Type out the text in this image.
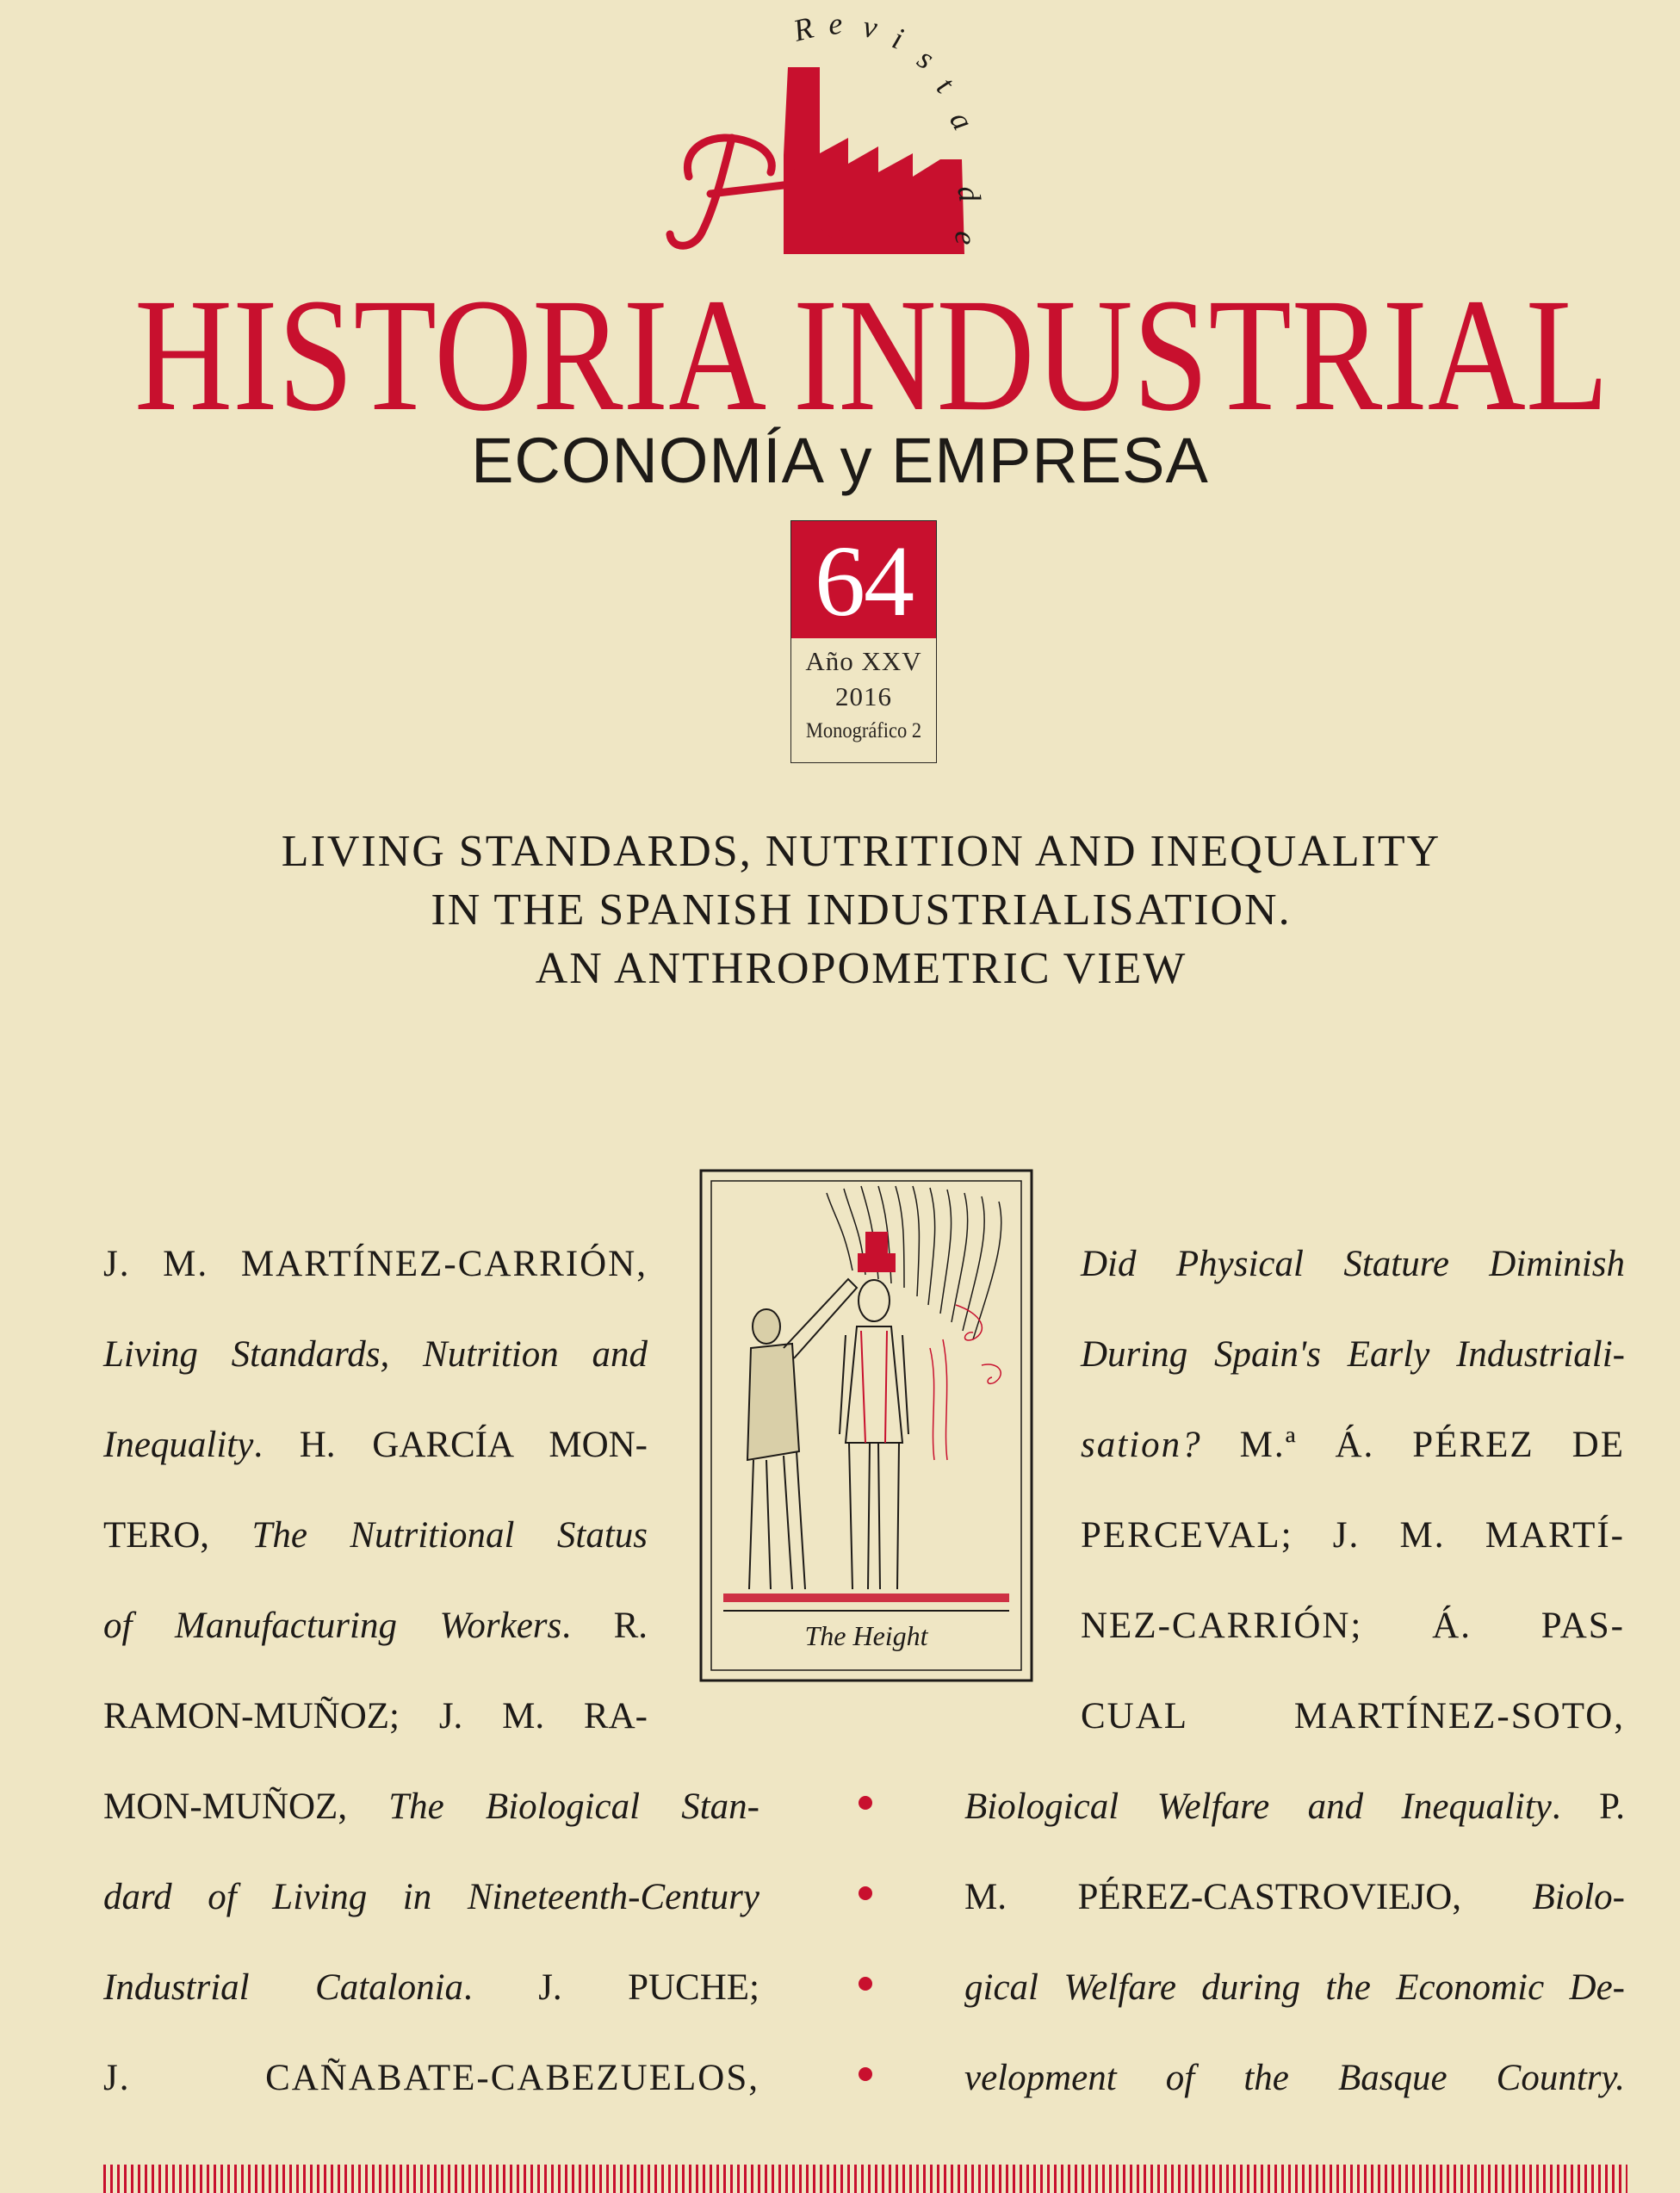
R e v i
s
t
a
d
e
HISTORIA INDUSTRIAL
ECONOMÍA y EMPRESA
64
Año XXV
2016
Monográfico 2
LIVING STANDARDS, NUTRITION AND INEQUALITY
IN THE SPANISH INDUSTRIALISATION.
AN ANTHROPOMETRIC VIEW
The Height
J. M. MARTÍNEZ-CARRIÓN,
Living Standards, Nutrition and
Inequality. H. GARCÍA MON-
TERO, The Nutritional Status
of Manufacturing Workers. R.
RAMON-MUÑOZ; J. M. RA-
MON-MUÑOZ, The Biological Stan-
dard of Living in Nineteenth-Century
Industrial Catalonia. J. PUCHE;
J. CAÑABATE-CABEZUELOS,
Did Physical Stature Diminish
During Spain's Early Industriali-
sation? M.ª Á. PÉREZ DE
PERCEVAL; J. M. MARTÍ-
NEZ-CARRIÓN; Á. PAS-
CUAL MARTÍNEZ-SOTO,
Biological Welfare and Inequality. P.
M. PÉREZ-CASTROVIEJO, Biolo-
gical Welfare during the Economic De-
velopment of the Basque Country.
